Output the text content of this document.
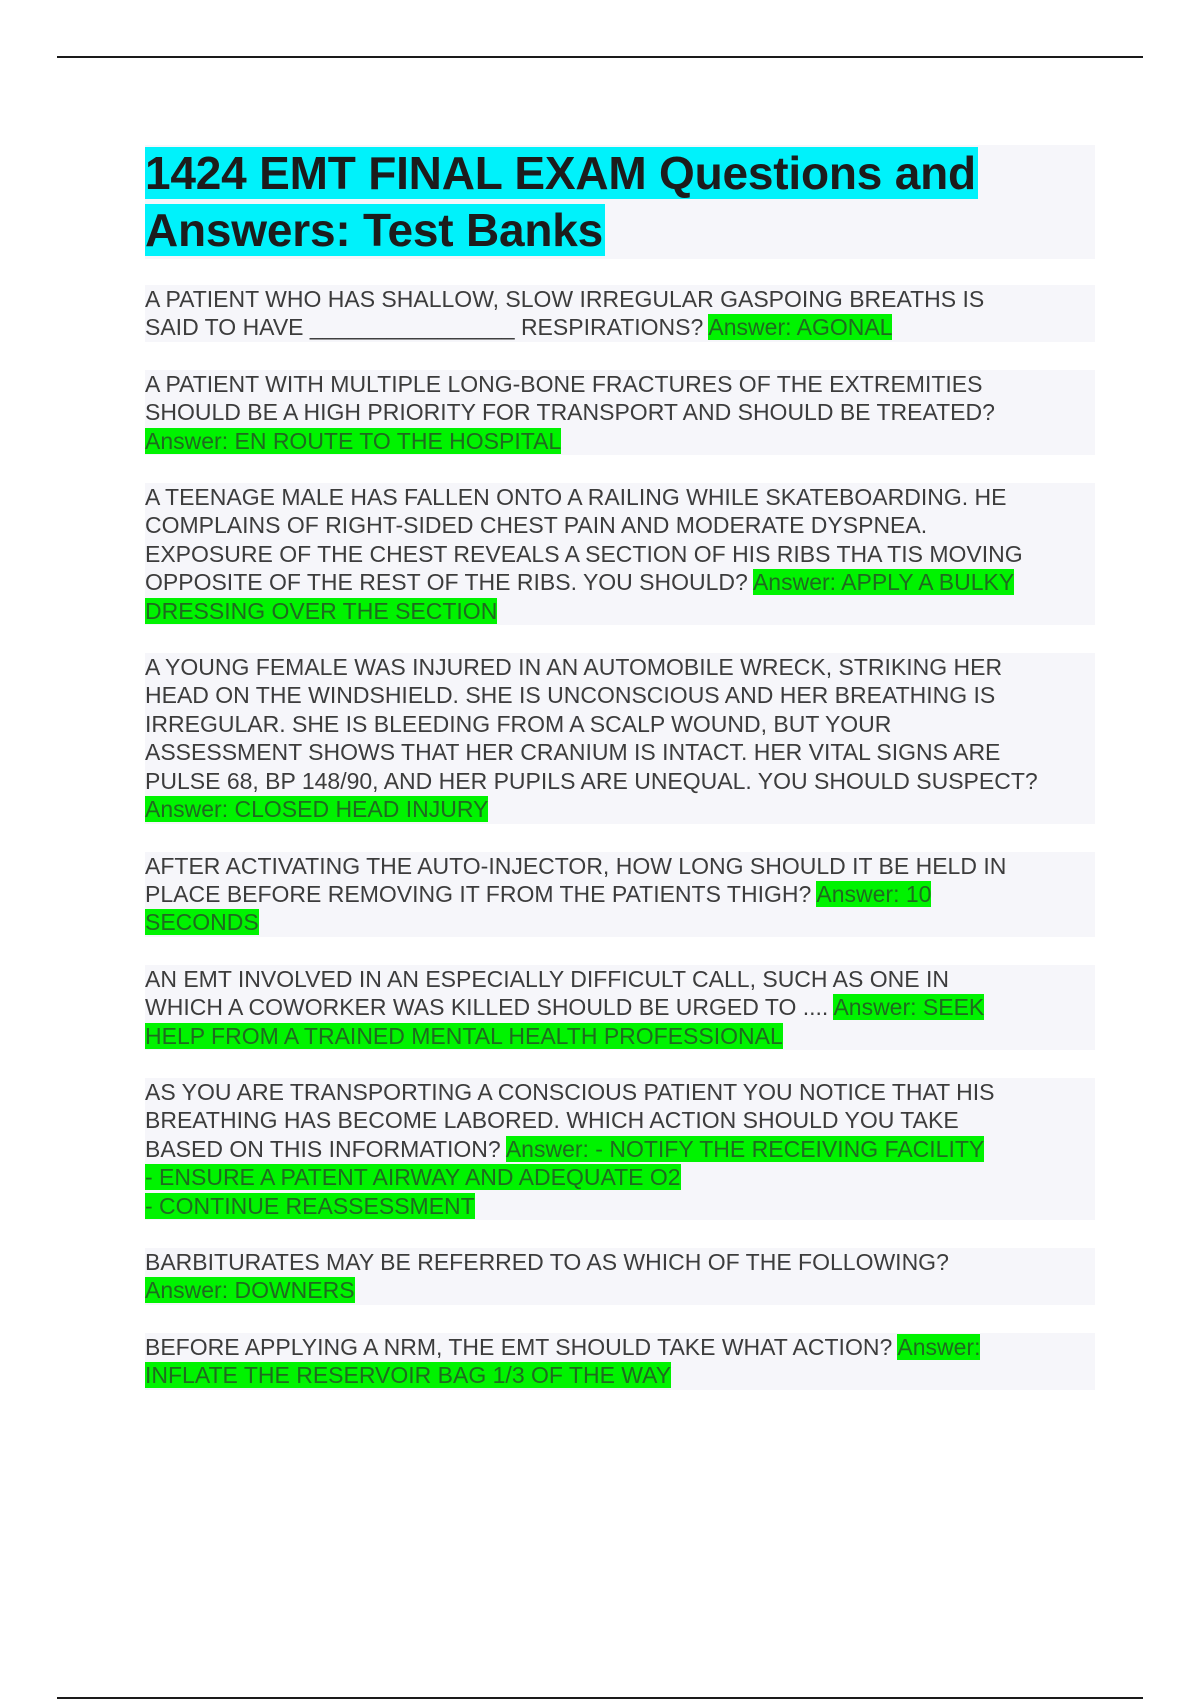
1424 EMT FINAL EXAM Questions and
Answers: Test Banks
A PATIENT WHO HAS SHALLOW, SLOW IRREGULAR GASPOING BREATHS IS
SAID TO HAVE ________________ RESPIRATIONS? Answer: AGONAL
A PATIENT WITH MULTIPLE LONG-BONE FRACTURES OF THE EXTREMITIES
SHOULD BE A HIGH PRIORITY FOR TRANSPORT AND SHOULD BE TREATED?
Answer: EN ROUTE TO THE HOSPITAL
A TEENAGE MALE HAS FALLEN ONTO A RAILING WHILE SKATEBOARDING. HE
COMPLAINS OF RIGHT-SIDED CHEST PAIN AND MODERATE DYSPNEA.
EXPOSURE OF THE CHEST REVEALS A SECTION OF HIS RIBS THA TIS MOVING
OPPOSITE OF THE REST OF THE RIBS. YOU SHOULD? Answer: APPLY A BULKY
DRESSING OVER THE SECTION
A YOUNG FEMALE WAS INJURED IN AN AUTOMOBILE WRECK, STRIKING HER
HEAD ON THE WINDSHIELD. SHE IS UNCONSCIOUS AND HER BREATHING IS
IRREGULAR. SHE IS BLEEDING FROM A SCALP WOUND, BUT YOUR
ASSESSMENT SHOWS THAT HER CRANIUM IS INTACT. HER VITAL SIGNS ARE
PULSE 68, BP 148/90, AND HER PUPILS ARE UNEQUAL. YOU SHOULD SUSPECT?
Answer: CLOSED HEAD INJURY
AFTER ACTIVATING THE AUTO-INJECTOR, HOW LONG SHOULD IT BE HELD IN
PLACE BEFORE REMOVING IT FROM THE PATIENTS THIGH? Answer: 10
SECONDS
AN EMT INVOLVED IN AN ESPECIALLY DIFFICULT CALL, SUCH AS ONE IN
WHICH A COWORKER WAS KILLED SHOULD BE URGED TO .... Answer: SEEK
HELP FROM A TRAINED MENTAL HEALTH PROFESSIONAL
AS YOU ARE TRANSPORTING A CONSCIOUS PATIENT YOU NOTICE THAT HIS
BREATHING HAS BECOME LABORED. WHICH ACTION SHOULD YOU TAKE
BASED ON THIS INFORMATION? Answer: - NOTIFY THE RECEIVING FACILITY
- ENSURE A PATENT AIRWAY AND ADEQUATE O2
- CONTINUE REASSESSMENT
BARBITURATES MAY BE REFERRED TO AS WHICH OF THE FOLLOWING?
Answer: DOWNERS
BEFORE APPLYING A NRM, THE EMT SHOULD TAKE WHAT ACTION? Answer:
INFLATE THE RESERVOIR BAG 1/3 OF THE WAY
